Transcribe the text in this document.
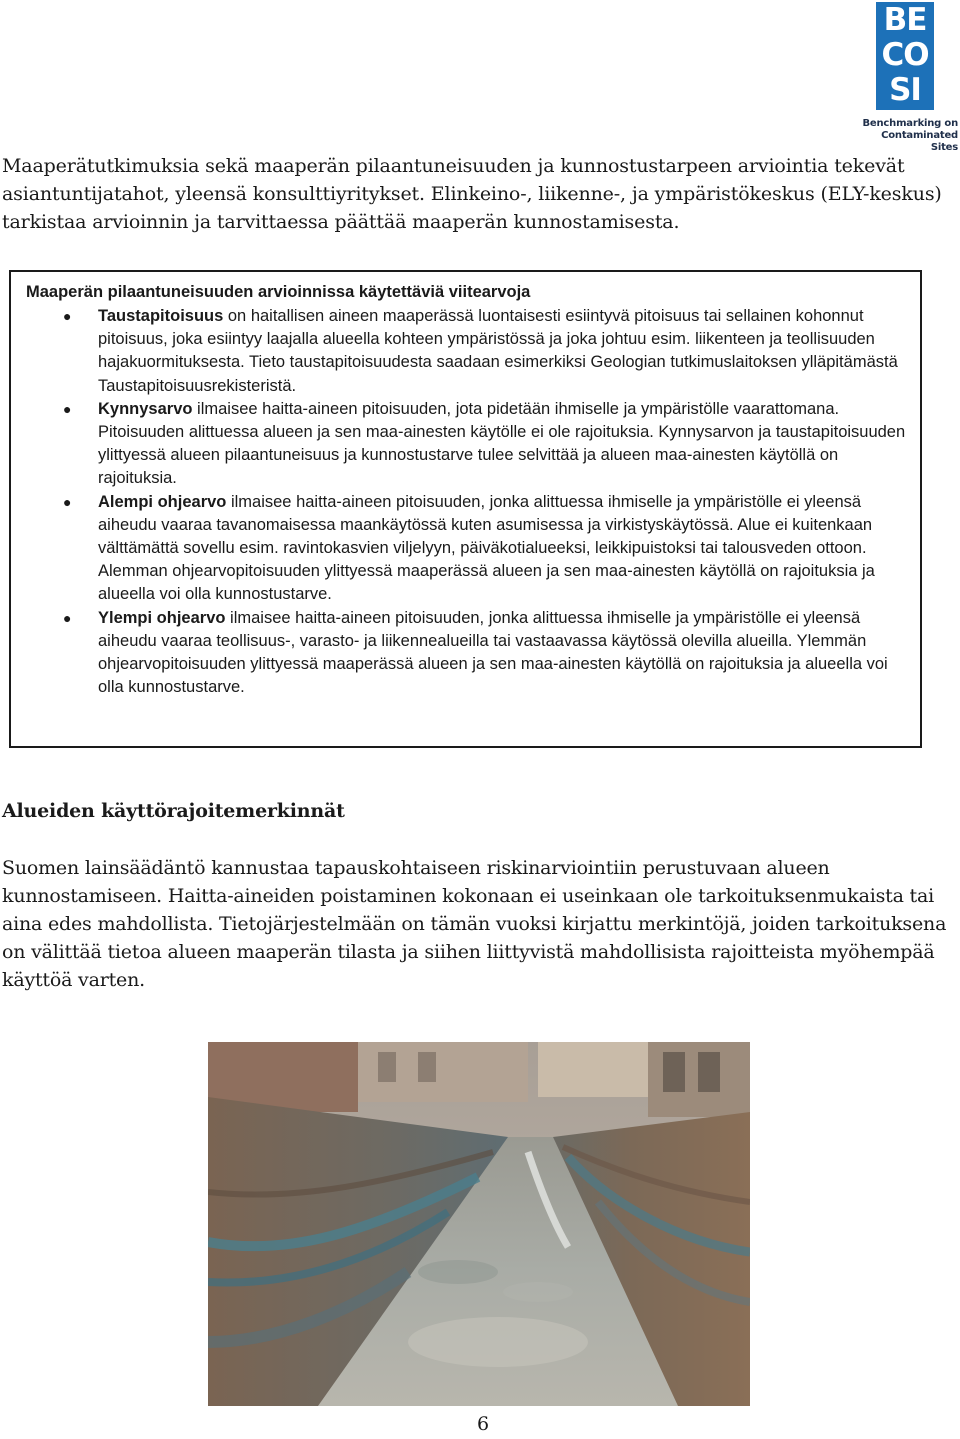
BE
CO
SI
Benchmarking on
Contaminated Sites

Maaperätutkimuksia sekä maaperän pilaantuneisuuden ja kunnostustarpeen arviointia tekevät asiantuntijatahot, yleensä konsulttiyritykset. Elinkeino-, liikenne-, ja ympäristökeskus (ELY-keskus) tarkistaa arvioinnin ja tarvittaessa päättää maaperän kunnostamisesta.

Maaperän pilaantuneisuuden arvioinnissa käytettäviä viitearvoja
● Taustapitoisuus on haitallisen aineen maaperässä luontaisesti esiintyvä pitoisuus tai sellainen kohonnut pitoisuus, joka esiintyy laajalla alueella kohteen ympäristössä ja joka johtuu esim. liikenteen ja teollisuuden hajakuormituksesta. Tieto taustapitoisuudesta saadaan esimerkiksi Geologian tutkimuslaitoksen ylläpitämästä Taustapitoisuusrekisteristä.
● Kynnysarvo ilmaisee haitta-aineen pitoisuuden, jota pidetään ihmiselle ja ympäristölle vaarattomana. Pitoisuuden alittuessa alueen ja sen maa-ainesten käytölle ei ole rajoituksia. Kynnysarvon ja taustapitoisuuden ylittyessä alueen pilaantuneisuus ja kunnostustarve tulee selvittää ja alueen maa-ainesten käytöllä on rajoituksia.
● Alempi ohjearvo ilmaisee haitta-aineen pitoisuuden, jonka alittuessa ihmiselle ja ympäristölle ei yleensä aiheudu vaaraa tavanomaisessa maankäytössä kuten asumisessa ja virkistyskäytössä. Alue ei kuitenkaan välttämättä sovellu esim. ravintokasvien viljelyyn, päiväkotialueeksi, leikkipuistoksi tai talousveden ottoon. Alemman ohjearvopitoisuuden ylittyessä maaperässä alueen ja sen maa-ainesten käytöllä on rajoituksia ja alueella voi olla kunnostustarve.
● Ylempi ohjearvo ilmaisee haitta-aineen pitoisuuden, jonka alittuessa ihmiselle ja ympäristölle ei yleensä aiheudu vaaraa teollisuus-, varasto- ja liikennealueilla tai vastaavassa käytössä olevilla alueilla. Ylemmän ohjearvopitoisuuden ylittyessä maaperässä alueen ja sen maa-ainesten käytöllä on rajoituksia ja alueella voi olla kunnostustarve.
Alueiden käyttörajoitemerkinnät

Suomen lainsäädäntö kannustaa tapauskohtaiseen riskinarviointiin perustuvaan alueen kunnostamiseen. Haitta-aineiden poistaminen kokonaan ei useinkaan ole tarkoituksenmukaista tai aina edes mahdollista. Tietojärjestelmään on tämän vuoksi kirjattu merkintöjä, joiden tarkoituksena on välittää tietoa alueen maaperän tilasta ja siihen liittyvistä mahdollisista rajoitteista myöhempää käyttöä varten.

6
